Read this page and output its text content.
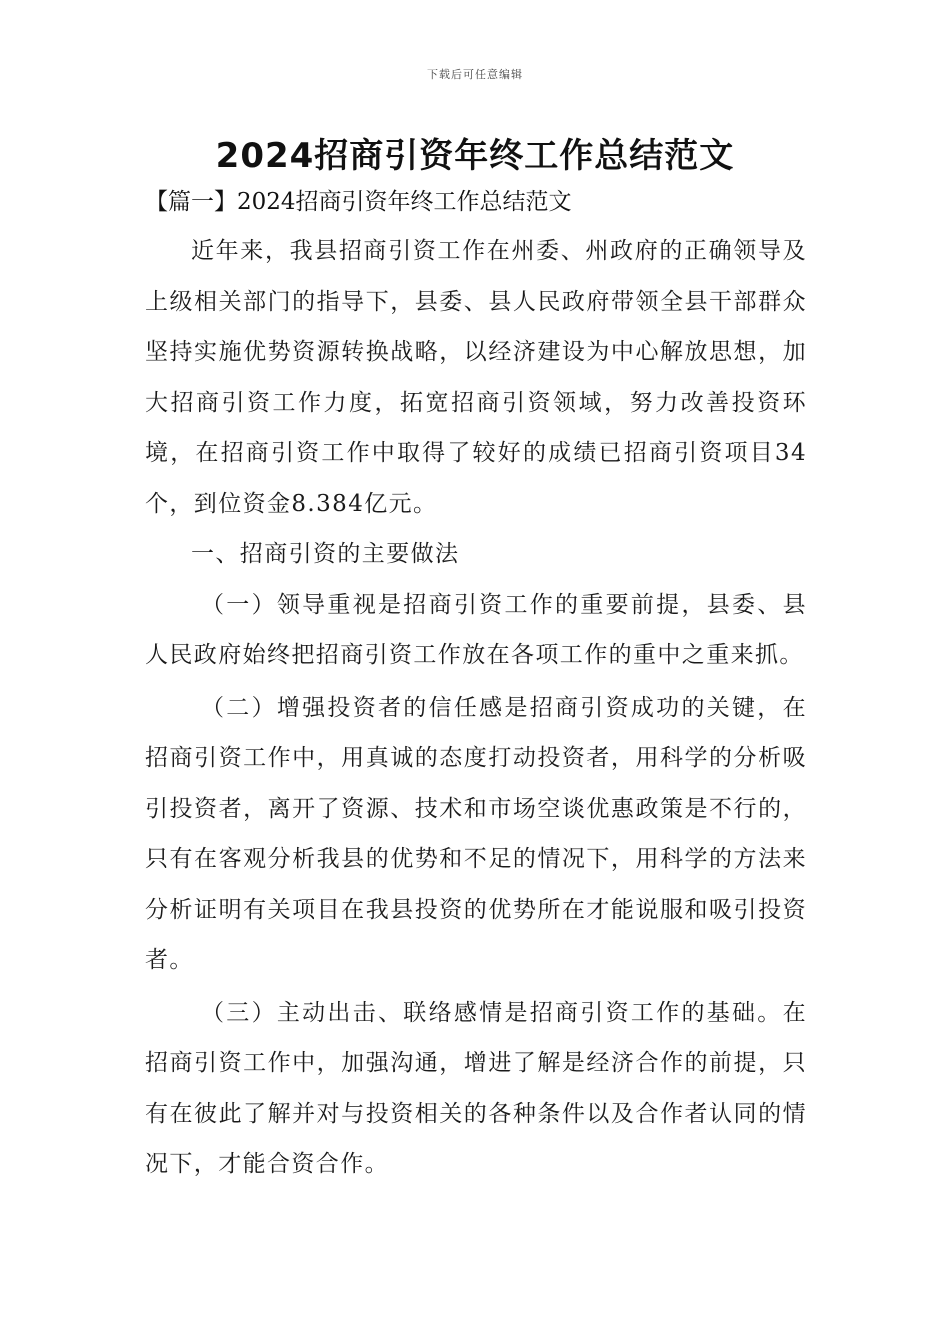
下载后可任意编辑
2024招商引资年终工作总结范文
【篇一】2024招商引资年终工作总结范文

近年来，我县招商引资工作在州委、州政府的正确领导及上级相关部门的指导下，县委、县人民政府带领全县干部群众坚持实施优势资源转换战略，以经济建设为中心解放思想，加大招商引资工作力度，拓宽招商引资领域，努力改善投资环境，在招商引资工作中取得了较好的成绩已招商引资项目34个，到位资金8.384亿元。

一、招商引资的主要做法

（一）领导重视是招商引资工作的重要前提，县委、县人民政府始终把招商引资工作放在各项工作的重中之重来抓。

（二）增强投资者的信任感是招商引资成功的关键，在招商引资工作中，用真诚的态度打动投资者，用科学的分析吸引投资者，离开了资源、技术和市场空谈优惠政策是不行的，只有在客观分析我县的优势和不足的情况下，用科学的方法来分析证明有关项目在我县投资的优势所在才能说服和吸引投资者。

（三）主动出击、联络感情是招商引资工作的基础。在招商引资工作中，加强沟通，增进了解是经济合作的前提，只有在彼此了解并对与投资相关的各种条件以及合作者认同的情况下，才能合资合作。
